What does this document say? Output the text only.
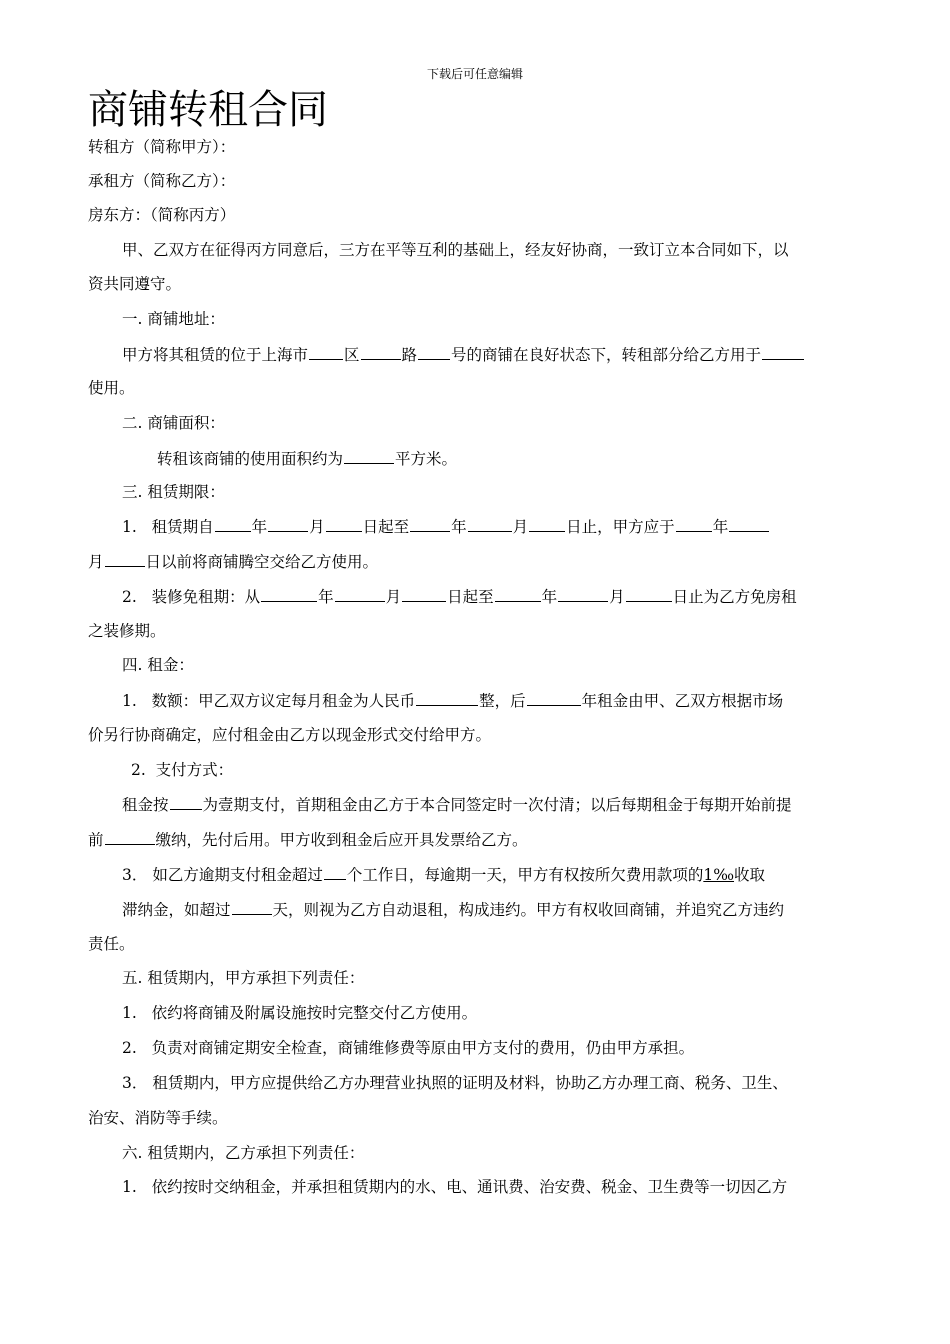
下载后可任意编辑
商铺转租合同
转租方（简称甲方）：
承租方（简称乙方）：
房东方：（简称丙方）
甲、乙双方在征得丙方同意后，三方在平等互利的基础上，经友好协商，一致订立本合同如下，以
资共同遵守。
一. 商铺地址：
甲方将其租赁的位于上海市 区	路 号的商铺在良好状态下，转租部分给乙方用于
使用。
二. 商铺面积：
转租该商铺的使用面积约为	平方米。
三. 租赁期限：
1. 租赁期自 年	月 日起至	年	月 日止，甲方应于 年
月	日以前将商铺腾空交给乙方使用。
2. 装修免租期：从	年	月	日起至	年	月	日止为乙方免房租
之装修期。
四. 租金：
1. 数额：甲乙双方议定每月租金为人民币	整，后	年租金由甲、乙双方根据市场
价另行协商确定，应付租金由乙方以现金形式交付给甲方。
2. 支付方式：
租金按 为壹期支付，首期租金由乙方于本合同签定时一次付清；以后每期租金于每期开始前提
前	缴纳，先付后用。甲方收到租金后应开具发票给乙方。
3． 如乙方逾期支付租金超过 个工作日，每逾期一天，甲方有权按所欠费用款项的1‰收取
滞纳金，如超过	天，则视为乙方自动退租，构成违约。甲方有权收回商铺，并追究乙方违约
责任。
五. 租赁期内，甲方承担下列责任：
1. 依约将商铺及附属设施按时完整交付乙方使用。
2. 负责对商铺定期安全检查，商铺维修费等原由甲方支付的费用，仍由甲方承担。
3． 租赁期内，甲方应提供给乙方办理营业执照的证明及材料，协助乙方办理工商、税务、卫生、
治安、消防等手续。
六. 租赁期内，乙方承担下列责任：
1. 依约按时交纳租金，并承担租赁期内的水、电、通讯费、治安费、税金、卫生费等一切因乙方
